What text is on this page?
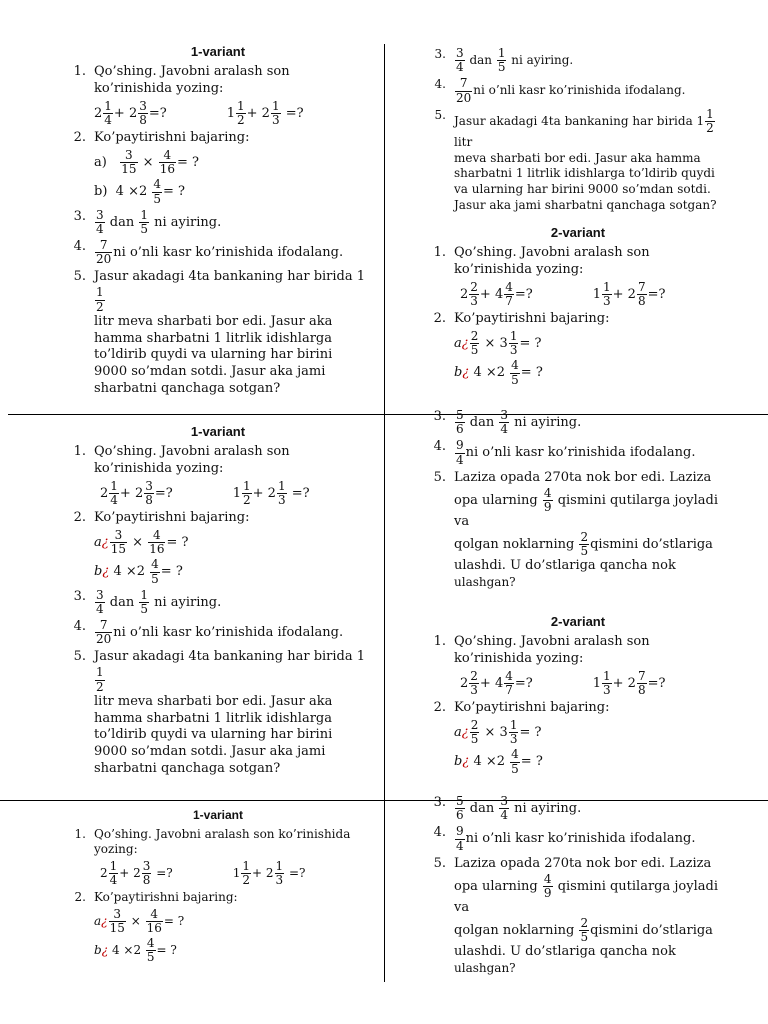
1-variant
1. Qo’shing. Javobni aralash son ko’rinishida yozing:
$2 \frac{1}{4} + 2 \frac{3}{8}$ =?	$1 \frac{1}{2} + 2 \frac{1}{3}$ =?
2. Ko’paytirishni bajaring:
$a) \frac{3}{15} \times \frac{4}{16}$ = ?
b)  $4 \times 2 \frac{4}{5}$ = ?
3. $\frac{3}{4}$ dan $\frac{1}{5}$ ni ayiring.
4. $\frac{7}{20}$ ni o’nli kasr ko’rinishida ifodalang.
5. Jasur akadagi 4ta bankaning har birida 1
$\frac{1}{2}$

litr meva sharbati bor edi. Jasur aka hamma sharbatni 1 litrlik idishlarga to’ldirib quydi va ularning har birini 9000 so’mdan sotdi. Jasur aka jami sharbatni qanchaga sotgan?
3. $\frac{3}{4}$ dan $\frac{1}{5}$ ni ayiring.
4. $\frac{7}{20}$ ni o’nli kasr ko’rinishida ifodalang.
5. Jasur akadagi 4ta bankaning har birida $1 \frac{1}{2}$
litr
meva sharbati bor edi. Jasur aka hamma sharbatni 1 litrlik idishlarga to’ldirib quydi va ularning har birini 9000 so’mdan sotdi. Jasur aka jami sharbatni qanchaga sotgan?
2-variant
1. Qo’shing. Javobni aralash son ko’rinishida yozing:
$2 \frac{2}{3} + 4 \frac{4}{7}$ =?	$1 \frac{1}{3} + 2 \frac{7}{8}$ =?
2. Ko’paytirishni bajaring:
a¿ $\frac{2}{5} \times 3 \frac{1}{3}$ = ?
b¿ $4 \times 2 \frac{4}{5}$ = ?
1-variant
1. Qo’shing. Javobni aralash son ko’rinishida yozing:
$2 \frac{1}{4} + 2 \frac{3}{8}$ =?	$1 \frac{1}{2} + 2 \frac{1}{3}$ =?
2. Ko’paytirishni bajaring:
a¿ $\frac{3}{15} \times \frac{4}{16}$ = ?
b¿ $4 \times 2 \frac{4}{5}$ = ?
3. $\frac{3}{4}$ dan $\frac{1}{5}$ ni ayiring.
4. $\frac{7}{20}$ ni o’nli kasr ko’rinishida ifodalang.
5. Jasur akadagi 4ta bankaning har birida 1
$\frac{1}{2}$

litr meva sharbati bor edi. Jasur aka hamma sharbatni 1 litrlik idishlarga to’ldirib quydi va ularning har birini 9000 so’mdan sotdi. Jasur aka jami sharbatni qanchaga sotgan?
3. $\frac{5}{6}$ dan $\frac{3}{4}$ ni ayiring.
4. $\frac{9}{4}$ ni o’nli kasr ko’rinishida ifodalang.
5. Laziza opada 270ta nok bor edi. Laziza
opa ularning $\frac{4}{9}$ qismini qutilarga joyladi va
qolgan noklarning $\frac{2}{5}$ qismini do’stlariga
ulashdi. U do’stlariga qancha nok ulashgan?
2-variant
1. Qo’shing. Javobni aralash son ko’rinishida yozing:
$2 \frac{2}{3} + 4 \frac{4}{7}$ =?	$1 \frac{1}{3} + 2 \frac{7}{8}$ =?
2. Ko’paytirishni bajaring:
a¿ $\frac{2}{5} \times 3 \frac{1}{3}$ = ?
b¿ $4 \times 2 \frac{4}{5}$ = ?
1-variant
1. Qo’shing. Javobni aralash son ko’rinishida yozing:
$2 \frac{1}{4} + 2 \frac{3}{8}$ =?	$1 \frac{1}{2} + 2 \frac{1}{3}$ =?
2. Ko’paytirishni bajaring:
a¿ $\frac{3}{15} \times \frac{4}{16}$ = ?
b¿ $4 \times 2 \frac{4}{5}$ = ?
3. $\frac{5}{6}$ dan $\frac{3}{4}$ ni ayiring.
4. $\frac{9}{4}$ ni o’nli kasr ko’rinishida ifodalang.
5. Laziza opada 270ta nok bor edi. Laziza
opa ularning $\frac{4}{9}$ qismini qutilarga joyladi va
qolgan noklarning $\frac{2}{5}$ qismini do’stlariga
ulashdi. U do’stlariga qancha nok ulashgan?
